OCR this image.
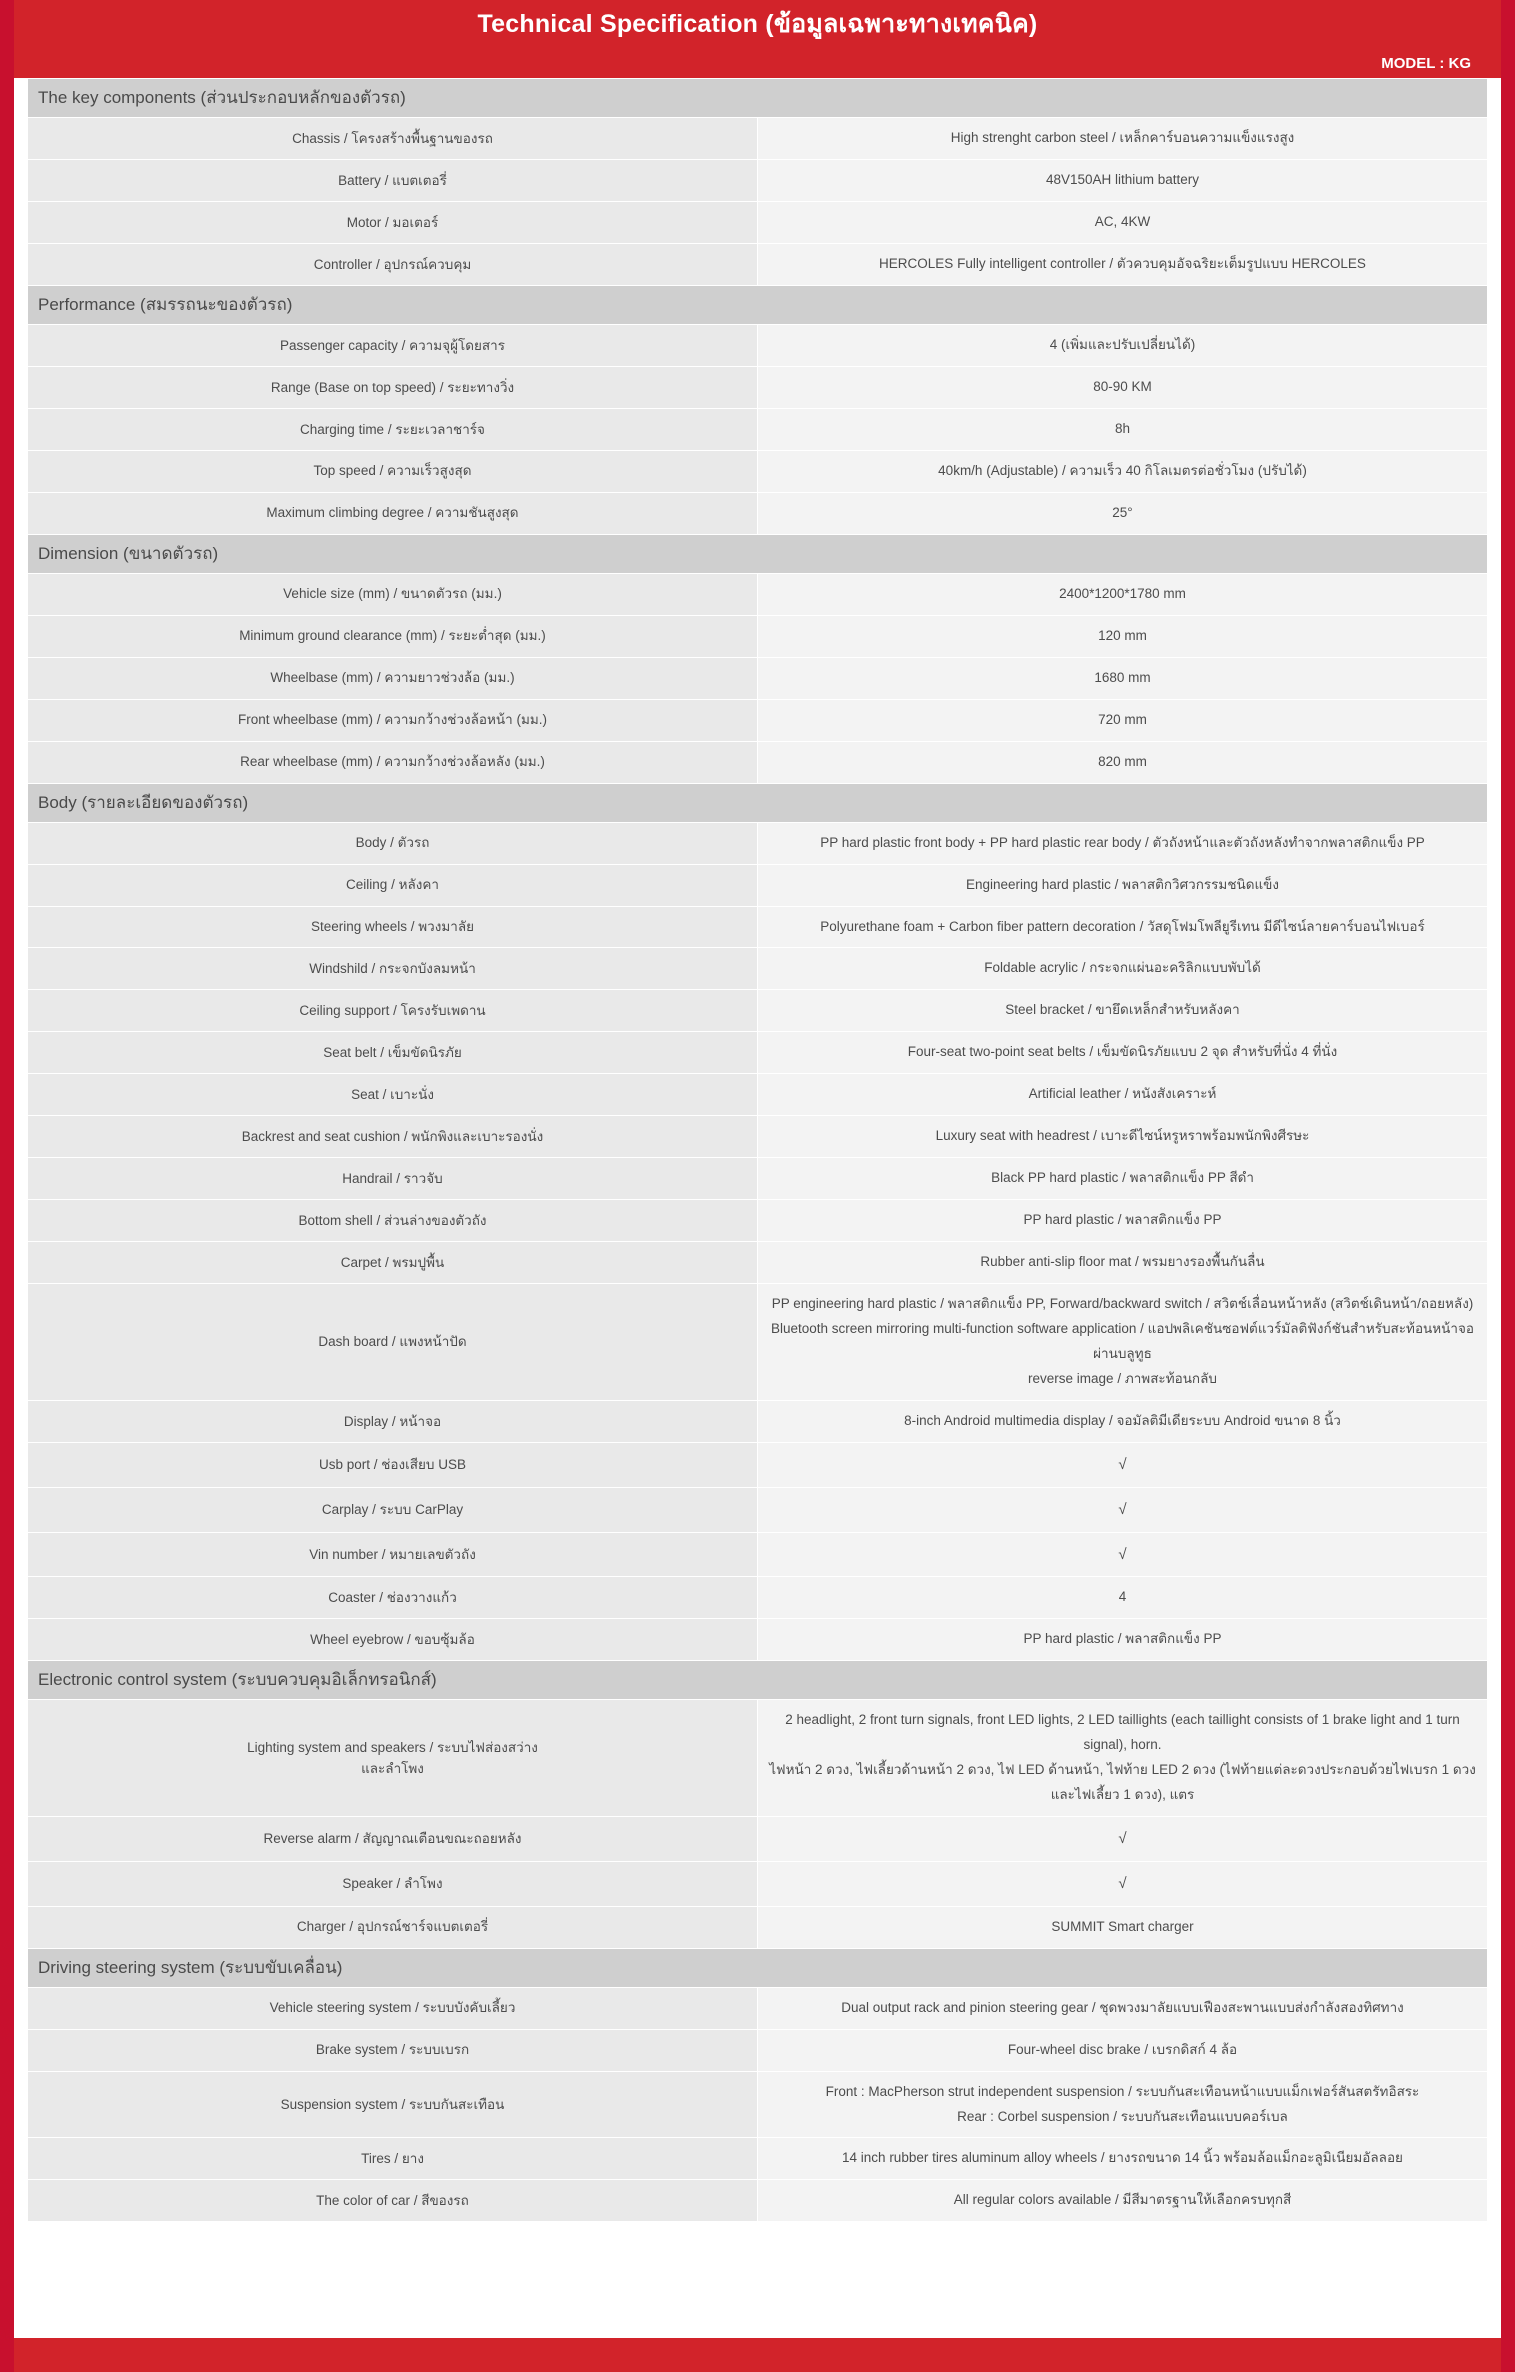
Technical Specification (ข้อมูลเฉพาะทางเทคนิค)
MODEL : KG
The key components (ส่วนประกอบหลักของตัวรถ)	
Chassis / โครงสร้างพื้นฐานของรถ	High strenght carbon steel / เหล็กคาร์บอนความแข็งแรงสูง

Battery / แบตเตอรี่	48V150AH lithium battery

Motor / มอเตอร์	AC, 4KW

Controller / อุปกรณ์ควบคุม	HERCOLES Fully intelligent controller / ตัวควบคุมอัจฉริยะเต็มรูปแบบ HERCOLES

Performance (สมรรถนะของตัวรถ)	
Passenger capacity / ความจุผู้โดยสาร	4 (เพิ่มและปรับเปลี่ยนได้)

Range (Base on top speed) / ระยะทางวิ่ง	80-90 KM

Charging time / ระยะเวลาชาร์จ	8h

Top speed / ความเร็วสูงสุด	40km/h (Adjustable) / ความเร็ว 40 กิโลเมตรต่อชั่วโมง (ปรับได้)

Maximum climbing degree / ความชันสูงสุด	25°

Dimension (ขนาดตัวรถ)	
Vehicle size (mm) / ขนาดตัวรถ (มม.)	2400*1200*1780 mm

Minimum ground clearance (mm) / ระยะต่ำสุด (มม.)	120 mm

Wheelbase (mm) / ความยาวช่วงล้อ (มม.)	1680 mm

Front wheelbase (mm) / ความกว้างช่วงล้อหน้า (มม.)	720 mm

Rear wheelbase (mm) / ความกว้างช่วงล้อหลัง (มม.)	820 mm

Body (รายละเอียดของตัวรถ)	
Body / ตัวรถ	PP hard plastic front body + PP hard plastic rear body / ตัวถังหน้าและตัวถังหลังทำจากพลาสติกแข็ง PP

Ceiling / หลังคา	Engineering hard plastic / พลาสติกวิศวกรรมชนิดแข็ง

Steering wheels / พวงมาลัย	Polyurethane foam + Carbon fiber pattern decoration / วัสดุโฟมโพลียูรีเทน มีดีไซน์ลายคาร์บอนไฟเบอร์

Windshild / กระจกบังลมหน้า	Foldable acrylic / กระจกแผ่นอะคริลิกแบบพับได้

Ceiling support / โครงรับเพดาน	Steel bracket / ขายึดเหล็กสำหรับหลังคา

Seat belt / เข็มขัดนิรภัย	Four-seat two-point seat belts / เข็มขัดนิรภัยแบบ 2 จุด สำหรับที่นั่ง 4 ที่นั่ง

Seat / เบาะนั่ง	Artificial leather / หนังสังเคราะห์

Backrest and seat cushion / พนักพิงและเบาะรองนั่ง	Luxury seat with headrest / เบาะดีไซน์หรูหราพร้อมพนักพิงศีรษะ

Handrail / ราวจับ	Black PP hard plastic / พลาสติกแข็ง PP สีดำ

Bottom shell / ส่วนล่างของตัวถัง	PP hard plastic / พลาสติกแข็ง PP

Carpet / พรมปูพื้น	Rubber anti-slip floor mat / พรมยางรองพื้นกันลื่น

Dash board / แพงหน้าปัด	PP engineering hard plastic / พลาสติกแข็ง PP, Forward/backward switch / สวิตช์เลื่อนหน้าหลัง (สวิตช์เดินหน้า/ถอยหลัง)
Bluetooth screen mirroring multi-function software application / แอปพลิเคชันซอฟต์แวร์มัลติฟังก์ชันสำหรับสะท้อนหน้าจอผ่านบลูทูธ
reverse image / ภาพสะท้อนกลับ

Display / หน้าจอ	8-inch Android multimedia display / จอมัลติมีเดียระบบ Android ขนาด 8 นิ้ว

Usb port / ช่องเสียบ USB	√

Carplay / ระบบ CarPlay	√

Vin number / หมายเลขตัวถัง	√

Coaster / ช่องวางแก้ว	4

Wheel eyebrow / ขอบซุ้มล้อ	PP hard plastic / พลาสติกแข็ง PP

Electronic control system (ระบบควบคุมอิเล็กทรอนิกส์)	
Lighting system and speakers / ระบบไฟส่องสว่าง
และลำโพง	2 headlight, 2 front turn signals, front LED lights, 2 LED taillights (each taillight consists of 1 brake light and 1 turn signal), horn.
ไฟหน้า 2 ดวง, ไฟเลี้ยวด้านหน้า 2 ดวง, ไฟ LED ด้านหน้า, ไฟท้าย LED 2 ดวง (ไฟท้ายแต่ละดวงประกอบด้วยไฟเบรก 1 ดวง และไฟเลี้ยว 1 ดวง), แตร

Reverse alarm / สัญญาณเตือนขณะถอยหลัง	√

Speaker / ลำโพง	√

Charger / อุปกรณ์ชาร์จแบตเตอรี่	SUMMIT Smart charger

Driving steering system (ระบบขับเคลื่อน)	
Vehicle steering system / ระบบบังคับเลี้ยว	Dual output rack and pinion steering gear / ชุดพวงมาลัยแบบเฟืองสะพานแบบส่งกำลังสองทิศทาง

Brake system / ระบบเบรก	Four-wheel disc brake / เบรกดิสก์ 4 ล้อ

Suspension system / ระบบกันสะเทือน	Front : MacPherson strut independent suspension / ระบบกันสะเทือนหน้าแบบแม็กเฟอร์สันสตรัทอิสระ
Rear : Corbel suspension / ระบบกันสะเทือนแบบคอร์เบล

Tires / ยาง	14 inch rubber tires aluminum alloy wheels / ยางรถขนาด 14 นิ้ว พร้อมล้อแม็กอะลูมิเนียมอัลลอย

The color of car / สีของรถ	All regular colors available / มีสีมาตรฐานให้เลือกครบทุกสี
